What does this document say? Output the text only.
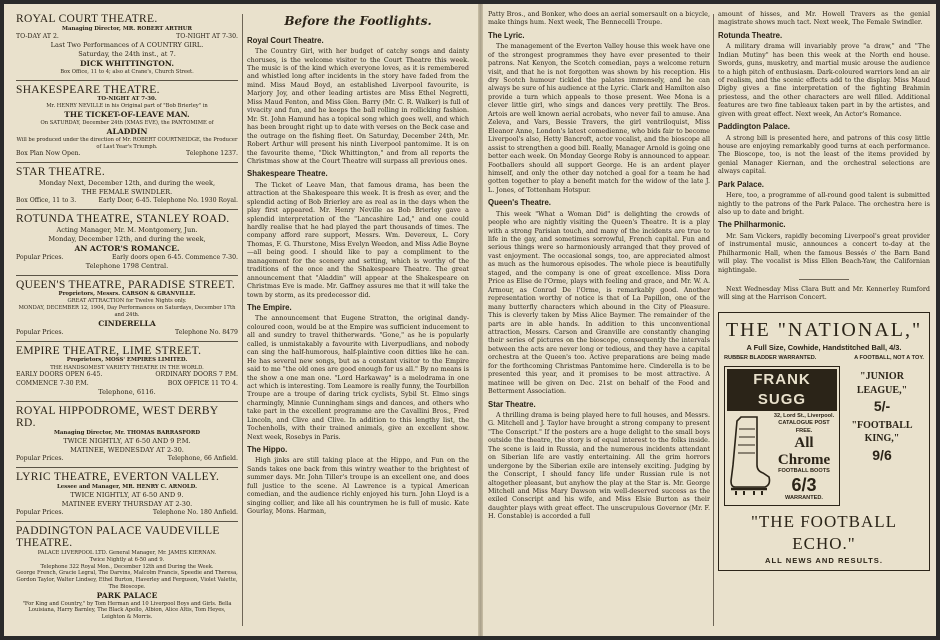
ROYAL COURT THEATRE.
Managing Director, MR. ROBERT ARTHUR
TO-DAY AT 2.	TO-NIGHT AT 7-30.
Last Two Performances of A COUNTRY GIRL.
Saturday, the 24th inst., at 7.
DICK WHITTINGTON.
Box Office, 11 to 4; also at Crane's, Church Street.
SHAKESPEARE THEATRE.
TO-NIGHT AT 7-30.
Mr. HENRY NEVILLE in his Original part of "Bob Brierley" in
THE TICKET-OF-LEAVE MAN.
On SATURDAY, December 24th (XMAS EVE), the PANTOMIME of
ALADDIN
Will be produced under the direction of Mr. ROBERT COURTNEIDGE, the Producer of Last Year's Triumph.
Box Plan Now Open.	Telephone 1237.
STAR THEATRE.
Monday Next, December 12th, and during the week,
THE FEMALE SWINDLER.
Box Office, 11 to 3.	Early Door, 6-45. Telephone No. 1930 Royal.
ROTUNDA THEATRE, STANLEY ROAD.
Acting Manager, Mr. M. Montgomery, Jun.
Monday, December 12th, and during the week,
AN ACTOR'S ROMANCE.
Popular Prices.	Early doors open 6-45. Commence 7-30.
Telephone 1798 Central.
QUEEN'S THEATRE, PARADISE STREET.
Proprietors, Messrs. CARSON & GRANVILLE.
GREAT ATTRACTION for Twelve Nights only.
MONDAY, DECEMBER 12, 1904, Day Performances on Saturdays, December 17th and 24th.
CINDERELLA
Popular Prices.	Telephone No. 8479
EMPIRE THEATRE, LIME STREET.
Proprietors, MOSS' EMPIRES LIMITED.
THE HANDSOMEST VARIETY THEATRE IN THE WORLD.
EARLY DOORS OPEN 6-45.	ORDINARY DOORS 7 P.M.
COMMENCE 7-30 P.M.	BOX OFFICE 11 TO 4.
Telephone, 6116.
ROYAL HIPPODROME, WEST DERBY RD.
Managing Director, Mr. THOMAS BARRASFORD
TWICE NIGHTLY, AT 6-50 AND 9 P.M.
MATINEE, WEDNESDAY AT 2-30.
Popular Prices.	Telephone, 66 Anfield.
LYRIC THEATRE, EVERTON VALLEY.
Lessee and Manager, MR. HENRY C. ARNOLD.
TWICE NIGHTLY, AT 6-50 AND 9.
MATINEE EVERY THURSDAY AT 2-30.
Popular Prices.	Telephone No. 180 Anfield.
PADDINGTON PALACE VAUDEVILLE THEATRE.
PALACE LIVERPOOL LTD. General Manager, Mr. JAMES KIERNAN.
Twice Nightly at 6-50 and 9.
Telephone 322 Royal Mon., December 12th and During the Week.
George French, Gracie Legral, The Darvins, Malcolm Francis, Speedie and Theresa, Gordon Taylor, Walter Lindsey, Ethel Burton, Haverley and Ferguson, Violet Valette, The Bioscope.
PARK PALACE
"For King and Country," by Tom Herman and 10 Liverpool Boys and Girls. Bella Louisiana, Harry Barnley, The Black Apollo, Albion, Alice Altis, Tom Heyes, Leighton & Morris.
Before the Footlights.
Royal Court Theatre.
The Country Girl, with her budget of catchy songs and dainty choruses, is the welcome visitor to the Court Theatre this week. The music is of the kind which everyone loves, as it is remembered and whistled long after incidents in the story have faded from the mind. Miss Maud Boyd, an established Liverpool favourite, is Marjory Joy, and other leading artistes are Miss Ethel Negretti, Miss Maud Fenton, and Miss Glen. Barry (Mr. C. R. Walker) is full of vivacity and fun, and he keeps the ball rolling in rollicking fashion. Mr. St. John Hamund has a topical song which goes well, and which has been brought right up to date with verses on the Beck case and the outrage on the fishing fleet. On Saturday, December 24th, Mr. Robert Arthur will present his ninth Liverpool pantomime. It is on the favourite theme, "Dick Whittington," and from all reports the Christmas show at the Court Theatre will surpass all previous ones.
Shakespeare Theatre.
The Ticket of Leave Man, that famous drama, has been the attraction at the Shakespeare this week. It is fresh as ever, and the splendid acting of Bob Brierley are as real as in the days when the play first appeared. Mr. Henry Neville as Bob Brierley gave a splendid interpretation of the "Lancashire Lad," and one could hardly realise that he had played the part thousands of times. The company afford rare support, Messrs. Wm. Devereux, L. Cory Thomas, F. G. Thurstone, Miss Evelyn Weedon, and Miss Adie Boyne—all being good. I should like to pay a compliment to the management for the scenery and setting, which is worthy of the traditions of the once and the Shakespeare Theatre. The great announcement that "Aladdin" will appear at the Shakespeare on Christmas Eve is made. Mr. Gaffney assures me that it will take the town by storm, as its predecessor did.
The Empire.
The announcement that Eugene Stratton, the original dandy-coloured coon, would be at the Empire was sufficient inducement to all and sundry to travel thitherwards. "Gone," as he is popularly called, is unmistakably a favourite with Liverpudlians, and nobody can sing the half-humorous, half-plaintive coon ditties like he can. He has several new songs, but as a constant visitor to the Empire said to me "the old ones are good enough for us all." By no means is the show a one man one. "Lord Harkaway" is a melodrama in one act which is interesting. Tom Leamore is really funny, the Tourbillon Troupe are a troupe of daring trick cyclists, Sybil St. Elmo sings charmingly, Minnie Cunningham sings and dances, and others who take part in the excellent programme are the Cavallini Bros., Fred Lincoln, and Clive and Clive. In addition to this lengthy list, the Tochenholls, with their trained animals, give an excellent show. Next week, Rosebys in Paris.
The Hippo.
High jinks are still taking place at the Hippo, and Fun on the Sands takes one back from this wintry weather to the brightest of summer days. Mr. John Tiller's troupe is an excellent one, and does full justice to the scene. Al Lawrence is a typical American comedian, and the audience richly enjoyed his turn. John Lloyd is a singing collier, and like all his countrymen he is full of music. Kate Gourlay, Mons. Harman,
Patty Bros., and Bonker, who does an aerial somersault on a bicycle, make things hum. Next week, The Bennecelli Troupe.
The Lyric.
The management of the Everton Valley house this week have one of the strongest programmes they have ever presented to their patrons. Nat Kenyon, the Scotch comedian, pays a welcome return visit, and that he is not forgotten was shown by his reception. His dry Scotch humour tickled the palates immensely, and he can always be sure of his audience at the Lyric. Clark and Hamilton also provide a turn which appeals to those present. Wee Mona is a clever little girl, who sings and dances very prettily. The Bros. Artois are well known aerial acrobats, who never fail to amuse. Ana Zeleva, and Vars, Bessie Travers, the girl ventriloquist, Miss Eleanor Anne, London's latest comedienne, who bids fair to become Liverpool's also, Hetty Bancroft, actor vocalist, and the bioscope all assist to strengthen a good bill. Really, Manager Arnold is going one better each week. On Monday George Roby is announced to appear. Footballers should all support George. He is an ardent player himself, and only the other day notched a goal for a team he had gotten together to play a benefit match for the widow of the late J. L. Jones, of Tottenham Hotspur.
Queen's Theatre.
This week "What a Woman Did" is delighting the crowds of people who are nightly visiting the Queen's Theatre. It is a play with a strong Parisian touch, and many of the incidents are true to life in the gay, and sometimes sorrowful, French capital. Fun and serious things were so harmoniously arranged that they proved of vast enjoyment. The occasional songs, too, are appreciated almost as much as the humorous episodes. The whole piece is beautifully staged, and the company is one of great excellence. Miss Dora Price as Elise de l'Orme, plays with feeling and grace, and Mr. W. A. Armour, as Conrad De l'Orme, is remarkably good. Another representation worthy of notice is that of La Papillon, one of the many butterfly characters which abound in the City of Pleasure. This is cleverly taken by Miss Alice Baymer. The remainder of the parts are in able hands. In addition to this unconventional attraction, Messrs. Carson and Granville are constantly changing their series of pictures on the bioscope, consequently the intervals between the acts are never long or tedious, and they have a capital orchestra at the Queen's too. Active preparations are being made for the forthcoming Christmas Pantomime here. Cinderella is to be presented this year, and it promises to be most attractive. A matinee will be given on Dec. 21st on behalf of the Food and Betterment Association.
Star Theatre.
A thrilling drama is being played here to full houses, and Messrs. G. Mitchell and J. Taylor have brought a strong company to present "The Conscript." If the posters are a huge delight to the small boys outside the theatre, the story is of equal interest to the folks inside. The scene is laid in Russia, and the numerous incidents attendant on Siberian life are vastly entertaining. All the grim horrors undergone by the Siberian exile are intensely exciting. Judging by the Conscript, I should fancy life under Russian rule is not altogether pleasant, but anyhow the play at the Star is. Mr. George Mitchell and Miss Mary Dawson win well-deserved success as the exiled Conscript and his wife, and Miss Elsie Burton as their daughter plays with great effect. The unscrupulous Governor (Mr. F. H. Constable) is accorded a full
amount of hisses, and Mr. Howell Travers as the genial magistrate shows much tact. Next week, The Female Swindler.
Rotunda Theatre.
A military drama will invariably prove "a draw," and "The Indian Mutiny" has been this week at the North end house. Swords, guns, musketry, and martial music arouse the audience to a high pitch of enthusiasm. Dark-coloured warriors lend an air of realism, and the scenic effects add to the display. Miss Maud Digby gives a fine interpretation of the fighting Brahmin priestess, and the other characters are well filled. Additional features are two fine tableaux taken part in by the artistes, and given with great effect. Next week, An Actor's Romance.
Paddington Palace.
A strong bill is presented here, and patrons of this cosy little house are enjoying remarkably good turns at each performance. The Bioscope, too, is not the least of the items provided by genial Manager Kiernan, and the orchestral selections are always capital.
Park Palace.
Here, too, a programme of all-round good talent is submitted nightly to the patrons of the Park Palace. The orchestra here is also up to date and bright.
The Philharmonic.
Mr. Sam Vickers, rapidly becoming Liverpool's great provider of instrumental music, announces a concert to-day at the Philharmonic Hall, when the famous Bessés o' the Barn Band will play. The vocalist is Miss Ellen Beach-Yaw, the Californian nightingale.
Next Wednesday Miss Clara Butt and Mr. Kennerley Rumford will sing at the Harrison Concert.
THE "NATIONAL,"
A Full Size, Cowhide, Handstitched Ball, 4/3.
RUBBER BLADDER WARRANTED.	A FOOTBALL, NOT A TOY.
FRANK SUGG
32, Lord St., Liverpool.
CATALOGUE POST FREE.
All Chrome
FOOTBALL BOOTS
6/3
WARRANTED.
"JUNIOR LEAGUE,"
5/-
"FOOTBALL KING,"
9/6
"THE FOOTBALL ECHO."
ALL NEWS AND RESULTS.
